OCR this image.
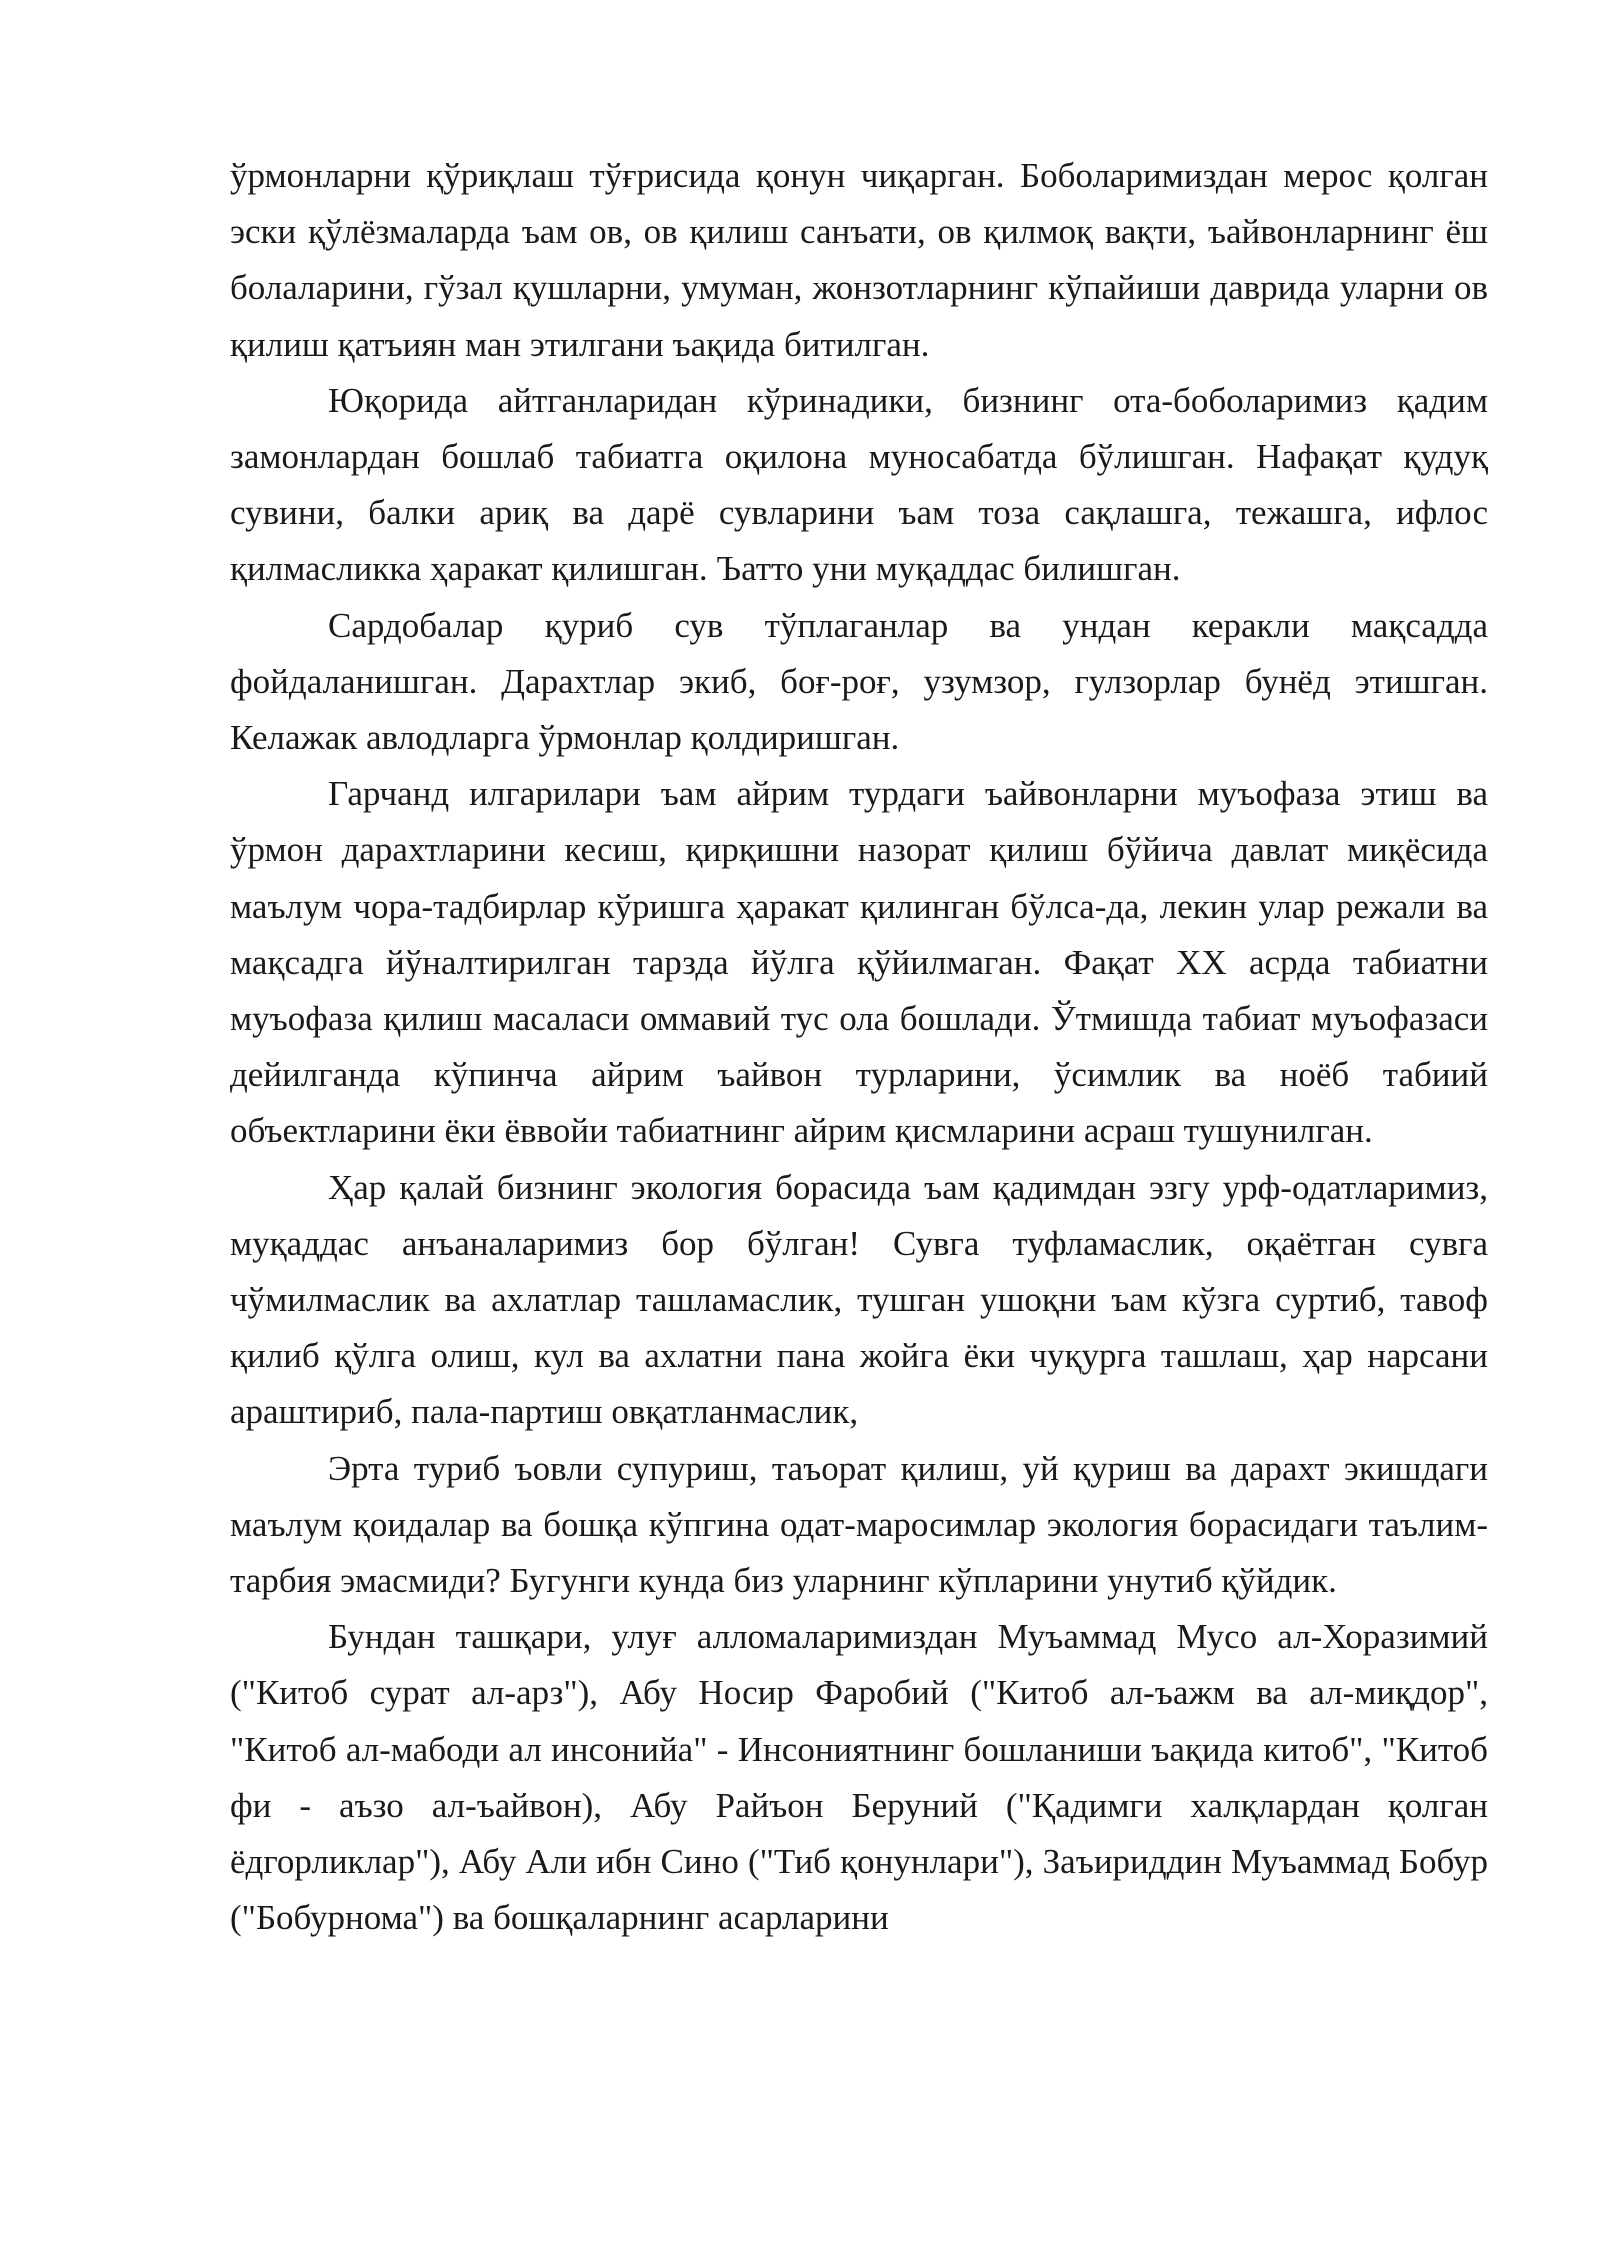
ўрмонларни қўриқлаш тўғрисида қонун чиқарган. Боболаримиздан мерос қолган эски қўлёзмаларда ъам ов, ов қилиш санъати, ов қилмоқ вақти, ъайвонларнинг ёш болаларини, гўзал қушларни, умуман, жонзотларнинг кўпайиши даврида уларни ов қилиш қатъиян ман этилгани ъақида битилган.

Юқорида айтганларидан кўринадики, бизнинг ота-боболаримиз қадим замонлардан бошлаб табиатга оқилона муносабатда бўлишган. Нафақат қудуқ сувини, балки ариқ ва дарё сувларини ъам тоза сақлашга, тежашга, ифлос қилмасликка ҳаракат қилишган. Ъатто уни муқаддас билишган.

Сардобалар қуриб сув тўплаганлар ва ундан керакли мақсадда фойдаланишган. Дарахтлар экиб, боғ-роғ, узумзор, гулзорлар бунёд этишган. Келажак авлодларга ўрмонлар қолдиришган.

Гарчанд илгарилари ъам айрим турдаги ъайвонларни муъофаза этиш ва ўрмон дарахтларини кесиш, қирқишни назорат қилиш бўйича давлат миқёсида маълум чора-тадбирлар кўришга ҳаракат қилинган бўлса-да, лекин улар режали ва мақсадга йўналтирилган тарзда йўлга қўйилмаган. Фақат XX асрда табиатни муъофаза қилиш масаласи оммавий тус ола бошлади. Ўтмишда табиат муъофазаси дейилганда кўпинча айрим ъайвон турларини, ўсимлик ва ноёб табиий объектларини ёки ёввойи табиатнинг айрим қисмларини асраш тушунилган.

Ҳар қалай бизнинг экология борасида ъам қадимдан эзгу урф-одатларимиз, муқаддас анъаналаримиз бор бўлган! Сувга туфламаслик, оқаётган сувга чўмилмаслик ва ахлатлар ташламаслик, тушган ушоқни ъам кўзга суртиб, тавоф қилиб қўлга олиш, кул ва ахлатни пана жойга ёки чуқурга ташлаш, ҳар нарсани араштириб, пала-партиш овқатланмаслик,

Эрта туриб ъовли супуриш, таъорат қилиш, уй қуриш ва дарахт экишдаги маълум қоидалар ва бошқа кўпгина одат-маросимлар экология борасидаги таълим-тарбия эмасмиди? Бугунги кунда биз уларнинг кўпларини унутиб қўйдик.

Бундан ташқари, улуғ алломаларимиздан Муъаммад Мусо ал-Хоразимий ("Китоб сурат ал-арз"), Абу Носир Фаробий ("Китоб ал-ъажм ва ал-миқдор", "Китоб ал-мабоди ал инсонийа" - Инсониятнинг бошланиши ъақида китоб", "Китоб фи - аъзо ал-ъайвон), Абу Райъон Беруний ("Қадимги халқлардан қолган ёдгорликлар"), Абу Али ибн Сино ("Тиб қонунлари"), Заъириддин Муъаммад Бобур ("Бобурнома") ва бошқаларнинг асарларини
